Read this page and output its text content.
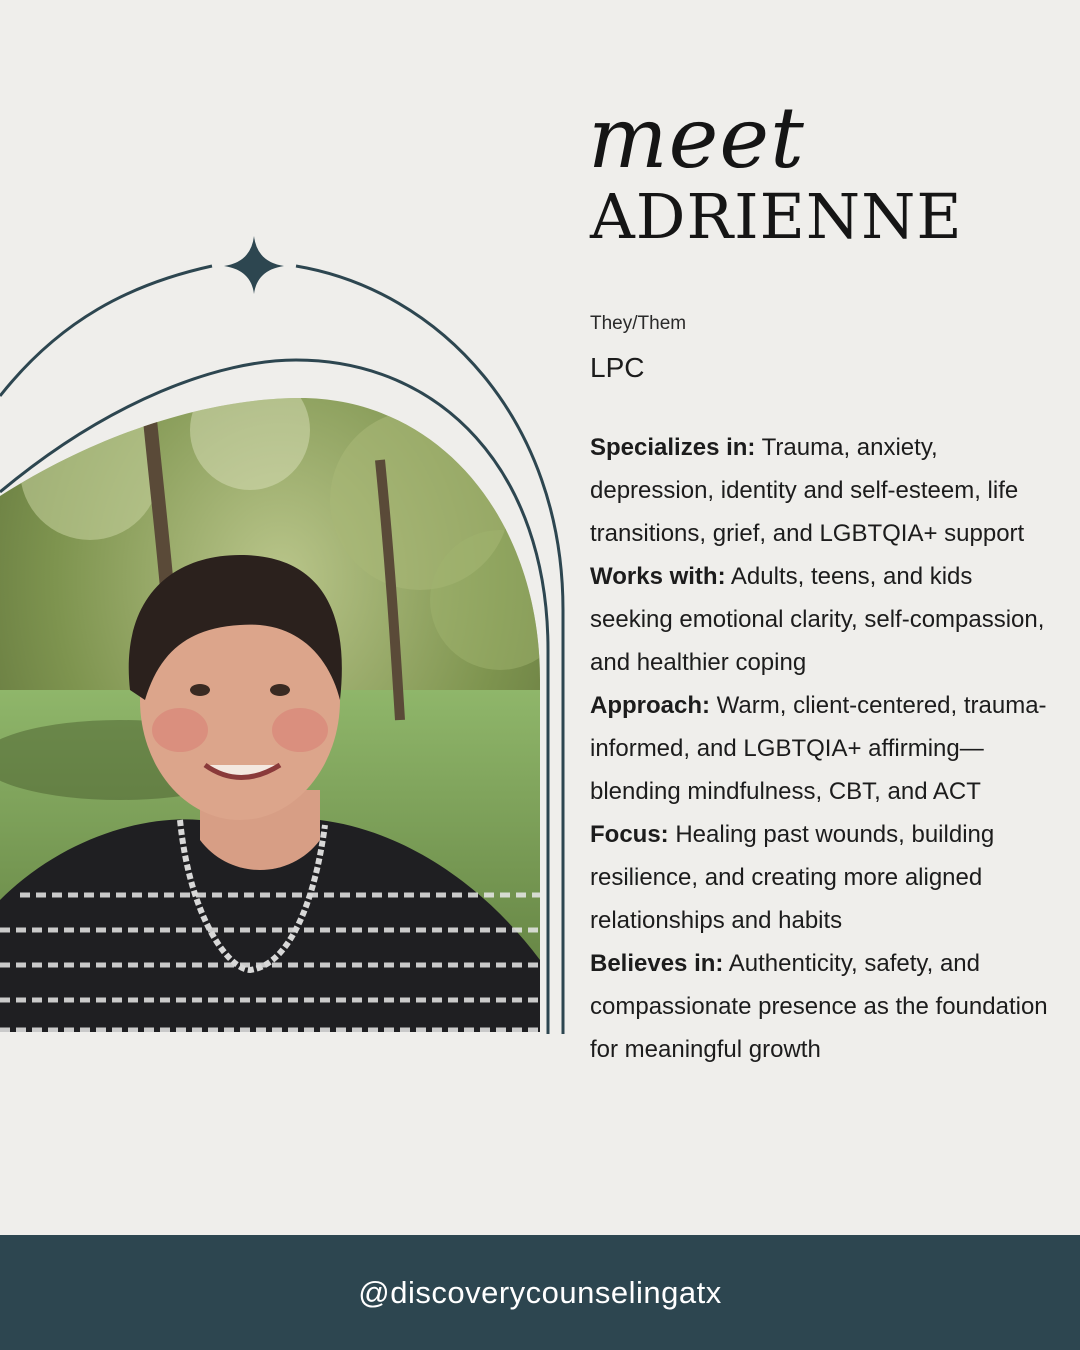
meet
ADRIENNE
They/Them
LPC

Specializes in: Trauma, anxiety, depression, identity and self-esteem, life transitions, grief, and LGBTQIA+ support

Works with: Adults, teens, and kids seeking emotional clarity, self-compassion, and healthier coping

Approach: Warm, client-centered, trauma-informed, and LGBTQIA+ affirming—blending mindfulness, CBT, and ACT

Focus: Healing past wounds, building resilience, and creating more aligned relationships and habits

Believes in: Authenticity, safety, and compassionate presence as the foundation for meaningful growth

@discoverycounselingatx
